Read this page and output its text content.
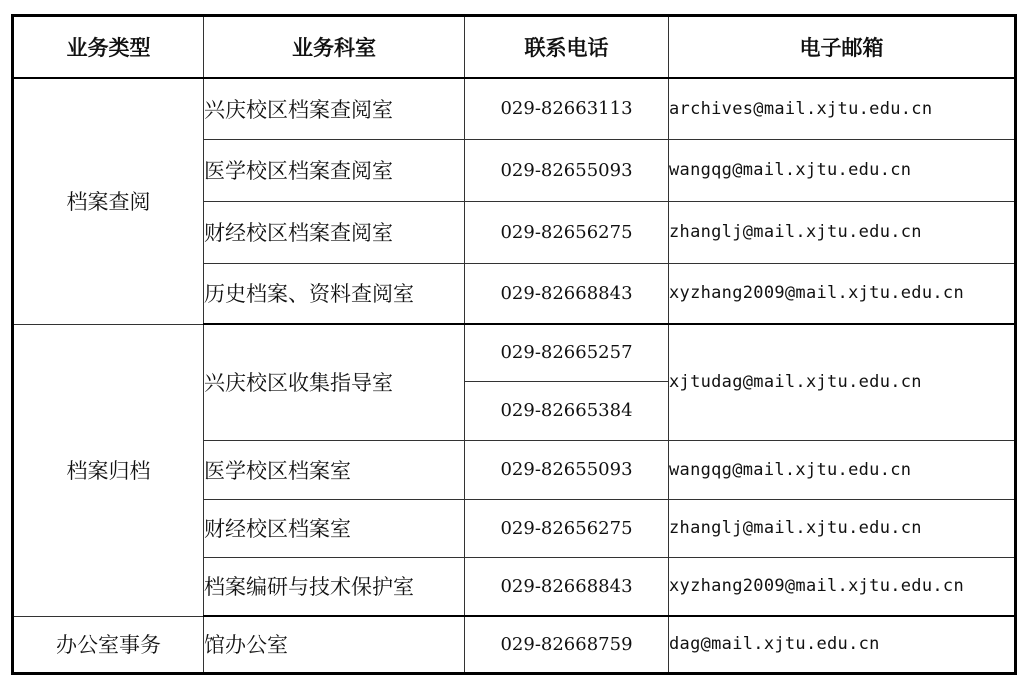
业务类型	业务科室	联系电话	电子邮箱
档案查阅	兴庆校区档案查阅室	029-82663113	archives@mail.xjtu.edu.cn
	医学校区档案查阅室	029-82655093	wangqg@mail.xjtu.edu.cn
	财经校区档案查阅室	029-82656275	zhanglj@mail.xjtu.edu.cn
	历史档案、资料查阅室	029-82668843	xyzhang2009@mail.xjtu.edu.cn
档案归档	兴庆校区收集指导室	029-82665257	xjtudag@mail.xjtu.edu.cn
		029-82665384	
	医学校区档案室	029-82655093	wangqg@mail.xjtu.edu.cn
	财经校区档案室	029-82656275	zhanglj@mail.xjtu.edu.cn
	档案编研与技术保护室	029-82668843	xyzhang2009@mail.xjtu.edu.cn
办公室事务	馆办公室	029-82668759	dag@mail.xjtu.edu.cn
